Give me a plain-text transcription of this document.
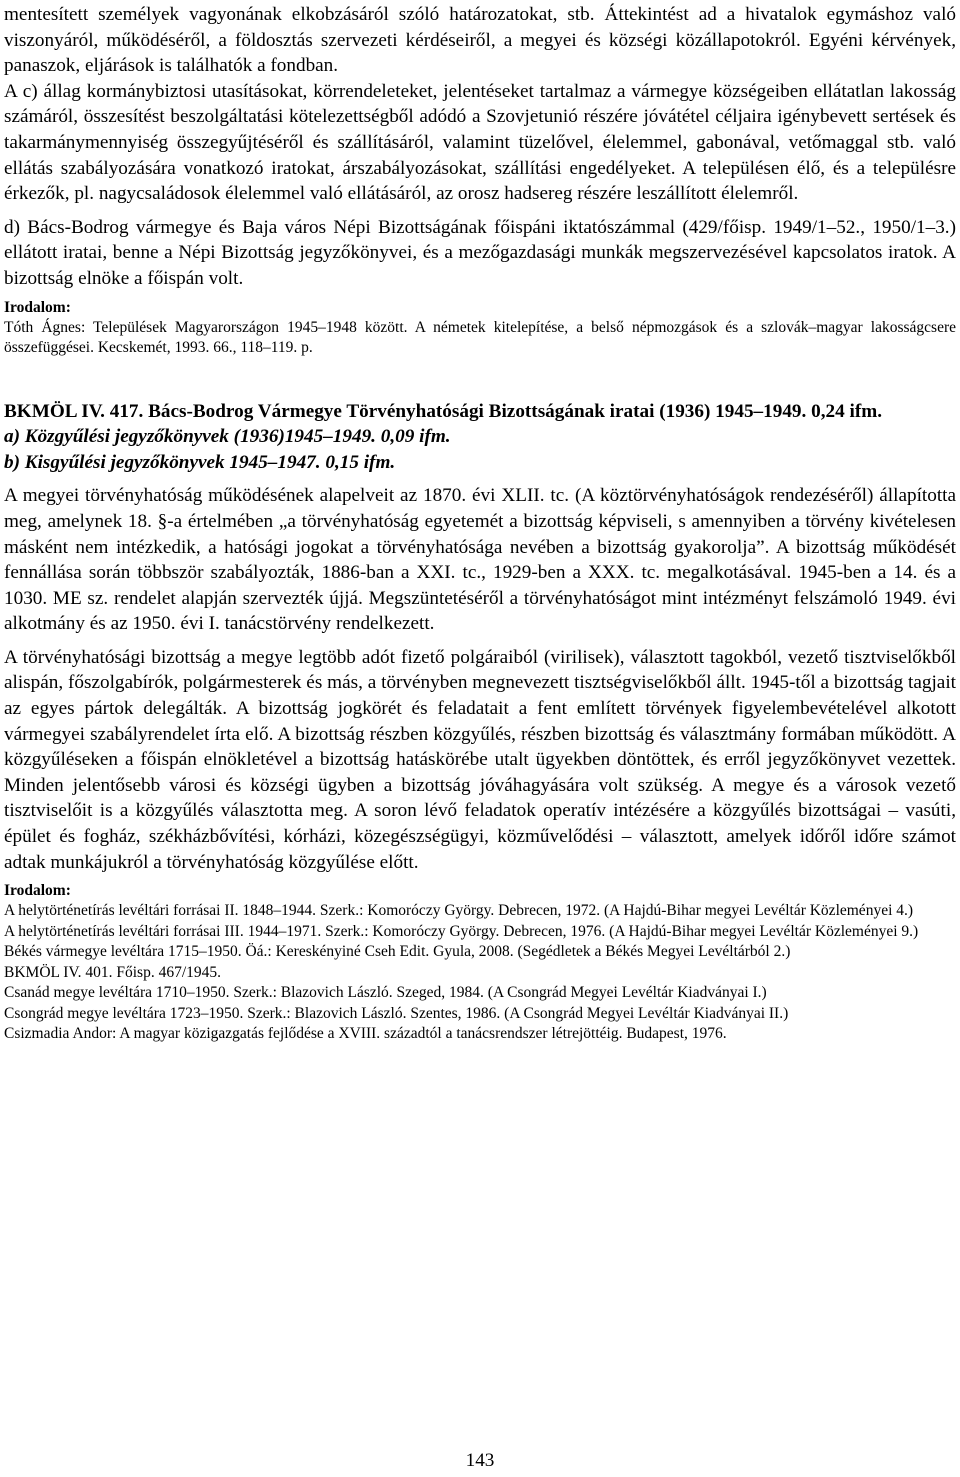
mentesített személyek vagyonának elkobzásáról szóló határozatokat, stb. Áttekintést ad a hivatalok egymáshoz való viszonyáról, működéséről, a földosztás szervezeti kérdéseiről, a megyei és községi közállapotokról. Egyéni kérvények, panaszok, eljárások is találhatók a fondban.

A c) állag kormánybiztosi utasításokat, körrendeleteket, jelentéseket tartalmaz a vármegye községeiben ellátatlan lakosság számáról, összesítést beszolgáltatási kötelezettségből adódó a Szovjetunió részére jóvátétel céljaira igénybevett sertések és takarmánymennyiség összegyűjtéséről és szállításáról, valamint tüzelővel, élelemmel, gabonával, vetőmaggal stb. való ellátás szabályozására vonatkozó iratokat, árszabályozásokat, szállítási engedélyeket. A településen élő, és a településre érkezők, pl. nagycsaládosok élelemmel való ellátásáról, az orosz hadsereg részére leszállított élelemről.

d) Bács-Bodrog vármegye és Baja város Népi Bizottságának főispáni iktatószámmal (429/főisp. 1949/1–52., 1950/1–3.) ellátott iratai, benne a Népi Bizottság jegyzőkönyvei, és a mezőgazdasági munkák megszervezésével kapcsolatos iratok. A bizottság elnöke a főispán volt.

Irodalom:

Tóth Ágnes: Települések Magyarországon 1945–1948 között. A németek kitelepítése, a belső népmozgások és a szlovák–magyar lakosságcsere összefüggései. Kecskemét, 1993. 66., 118–119. p.

BKMÖL IV. 417. Bács-Bodrog Vármegye Törvényhatósági Bizottságának iratai (1936) 1945–1949. 0,24 ifm.

a) Közgyűlési jegyzőkönyvek (1936)1945–1949. 0,09 ifm.

b) Kisgyűlési jegyzőkönyvek 1945–1947. 0,15 ifm.

A megyei törvényhatóság működésének alapelveit az 1870. évi XLII. tc. (A köztörvényhatóságok rendezéséről) állapította meg, amelynek 18. §-a értelmében „a törvényhatóság egyetemét a bizottság képviseli, s amennyiben a törvény kivételesen másként nem intézkedik, a hatósági jogokat a törvényhatósága nevében a bizottság gyakorolja”. A bizottság működését fennállása során többször szabályozták, 1886-ban a XXI. tc., 1929-ben a XXX. tc. megalkotásával. 1945-ben a 14. és a 1030. ME sz. rendelet alapján szervezték újjá. Megszüntetéséről a törvényhatóságot mint intézményt felszámoló 1949. évi alkotmány és az 1950. évi I. tanácstörvény rendelkezett.

A törvényhatósági bizottság a megye legtöbb adót fizető polgáraiból (virilisek), választott tagokból, vezető tisztviselőkből alispán, főszolgabírók, polgármesterek és más, a törvényben megnevezett tisztségviselőkből állt. 1945-től a bizottság tagjait az egyes pártok delegálták. A bizottság jogkörét és feladatait a fent említett törvények figyelembevételével alkotott vármegyei szabályrendelet írta elő. A bizottság részben közgyűlés, részben bizottság és választmány formában működött. A közgyűléseken a főispán elnökletével a bizottság hatáskörébe utalt ügyekben döntöttek, és erről jegyzőkönyvet vezettek. Minden jelentősebb városi és községi ügyben a bizottság jóváhagyására volt szükség. A megye és a városok vezető tisztviselőit is a közgyűlés választotta meg. A soron lévő feladatok operatív intézésére a közgyűlés bizottságai – vasúti, épület és fogház, székházbővítési, kórházi, közegészségügyi, közművelődési – választott, amelyek időről időre számot adtak munkájukról a törvényhatóság közgyűlése előtt.

Irodalom:

A helytörténetírás levéltári forrásai II. 1848–1944. Szerk.: Komoróczy György. Debrecen, 1972. (A Hajdú-Bihar megyei Levéltár Közleményei 4.)

A helytörténetírás levéltári forrásai III. 1944–1971. Szerk.: Komoróczy György. Debrecen, 1976. (A Hajdú-Bihar megyei Levéltár Közleményei 9.)

Békés vármegye levéltára 1715–1950. Öá.: Kereskényiné Cseh Edit. Gyula, 2008. (Segédletek a Békés Megyei Levéltárból 2.)

BKMÖL IV. 401. Főisp. 467/1945.

Csanád megye levéltára 1710–1950. Szerk.: Blazovich László. Szeged, 1984. (A Csongrád Megyei Levéltár Kiadványai I.)

Csongrád megye levéltára 1723–1950. Szerk.: Blazovich László. Szentes, 1986. (A Csongrád Megyei Levéltár Kiadványai II.)

Csizmadia Andor: A magyar közigazgatás fejlődése a XVIII. századtól a tanácsrendszer létrejöttéig. Budapest, 1976.

143
